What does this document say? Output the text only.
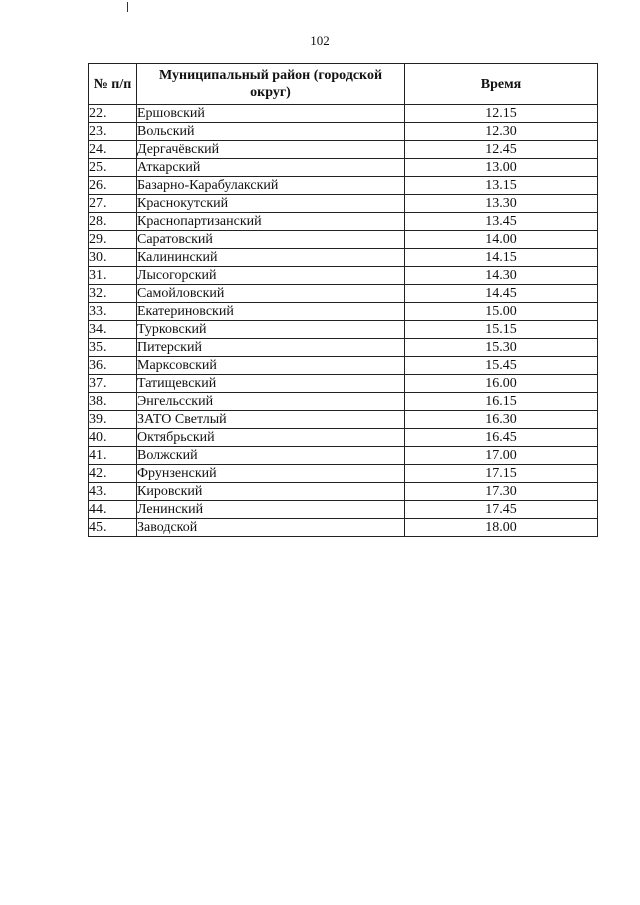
102
№ п/п	Муниципальный район (городской округ)	Время
22.	Ершовский	12.15
23.	Вольский	12.30
24.	Дергачёвский	12.45
25.	Аткарский	13.00
26.	Базарно-Карабулакский	13.15
27.	Краснокутский	13.30
28.	Краснопартизанский	13.45
29.	Саратовский	14.00
30.	Калининский	14.15
31.	Лысогорский	14.30
32.	Самойловский	14.45
33.	Екатериновский	15.00
34.	Турковский	15.15
35.	Питерский	15.30
36.	Марксовский	15.45
37.	Татищевский	16.00
38.	Энгельсский	16.15
39.	ЗАТО Светлый	16.30
40.	Октябрьский	16.45
41.	Волжский	17.00
42.	Фрунзенский	17.15
43.	Кировский	17.30
44.	Ленинский	17.45
45.	Заводской	18.00
